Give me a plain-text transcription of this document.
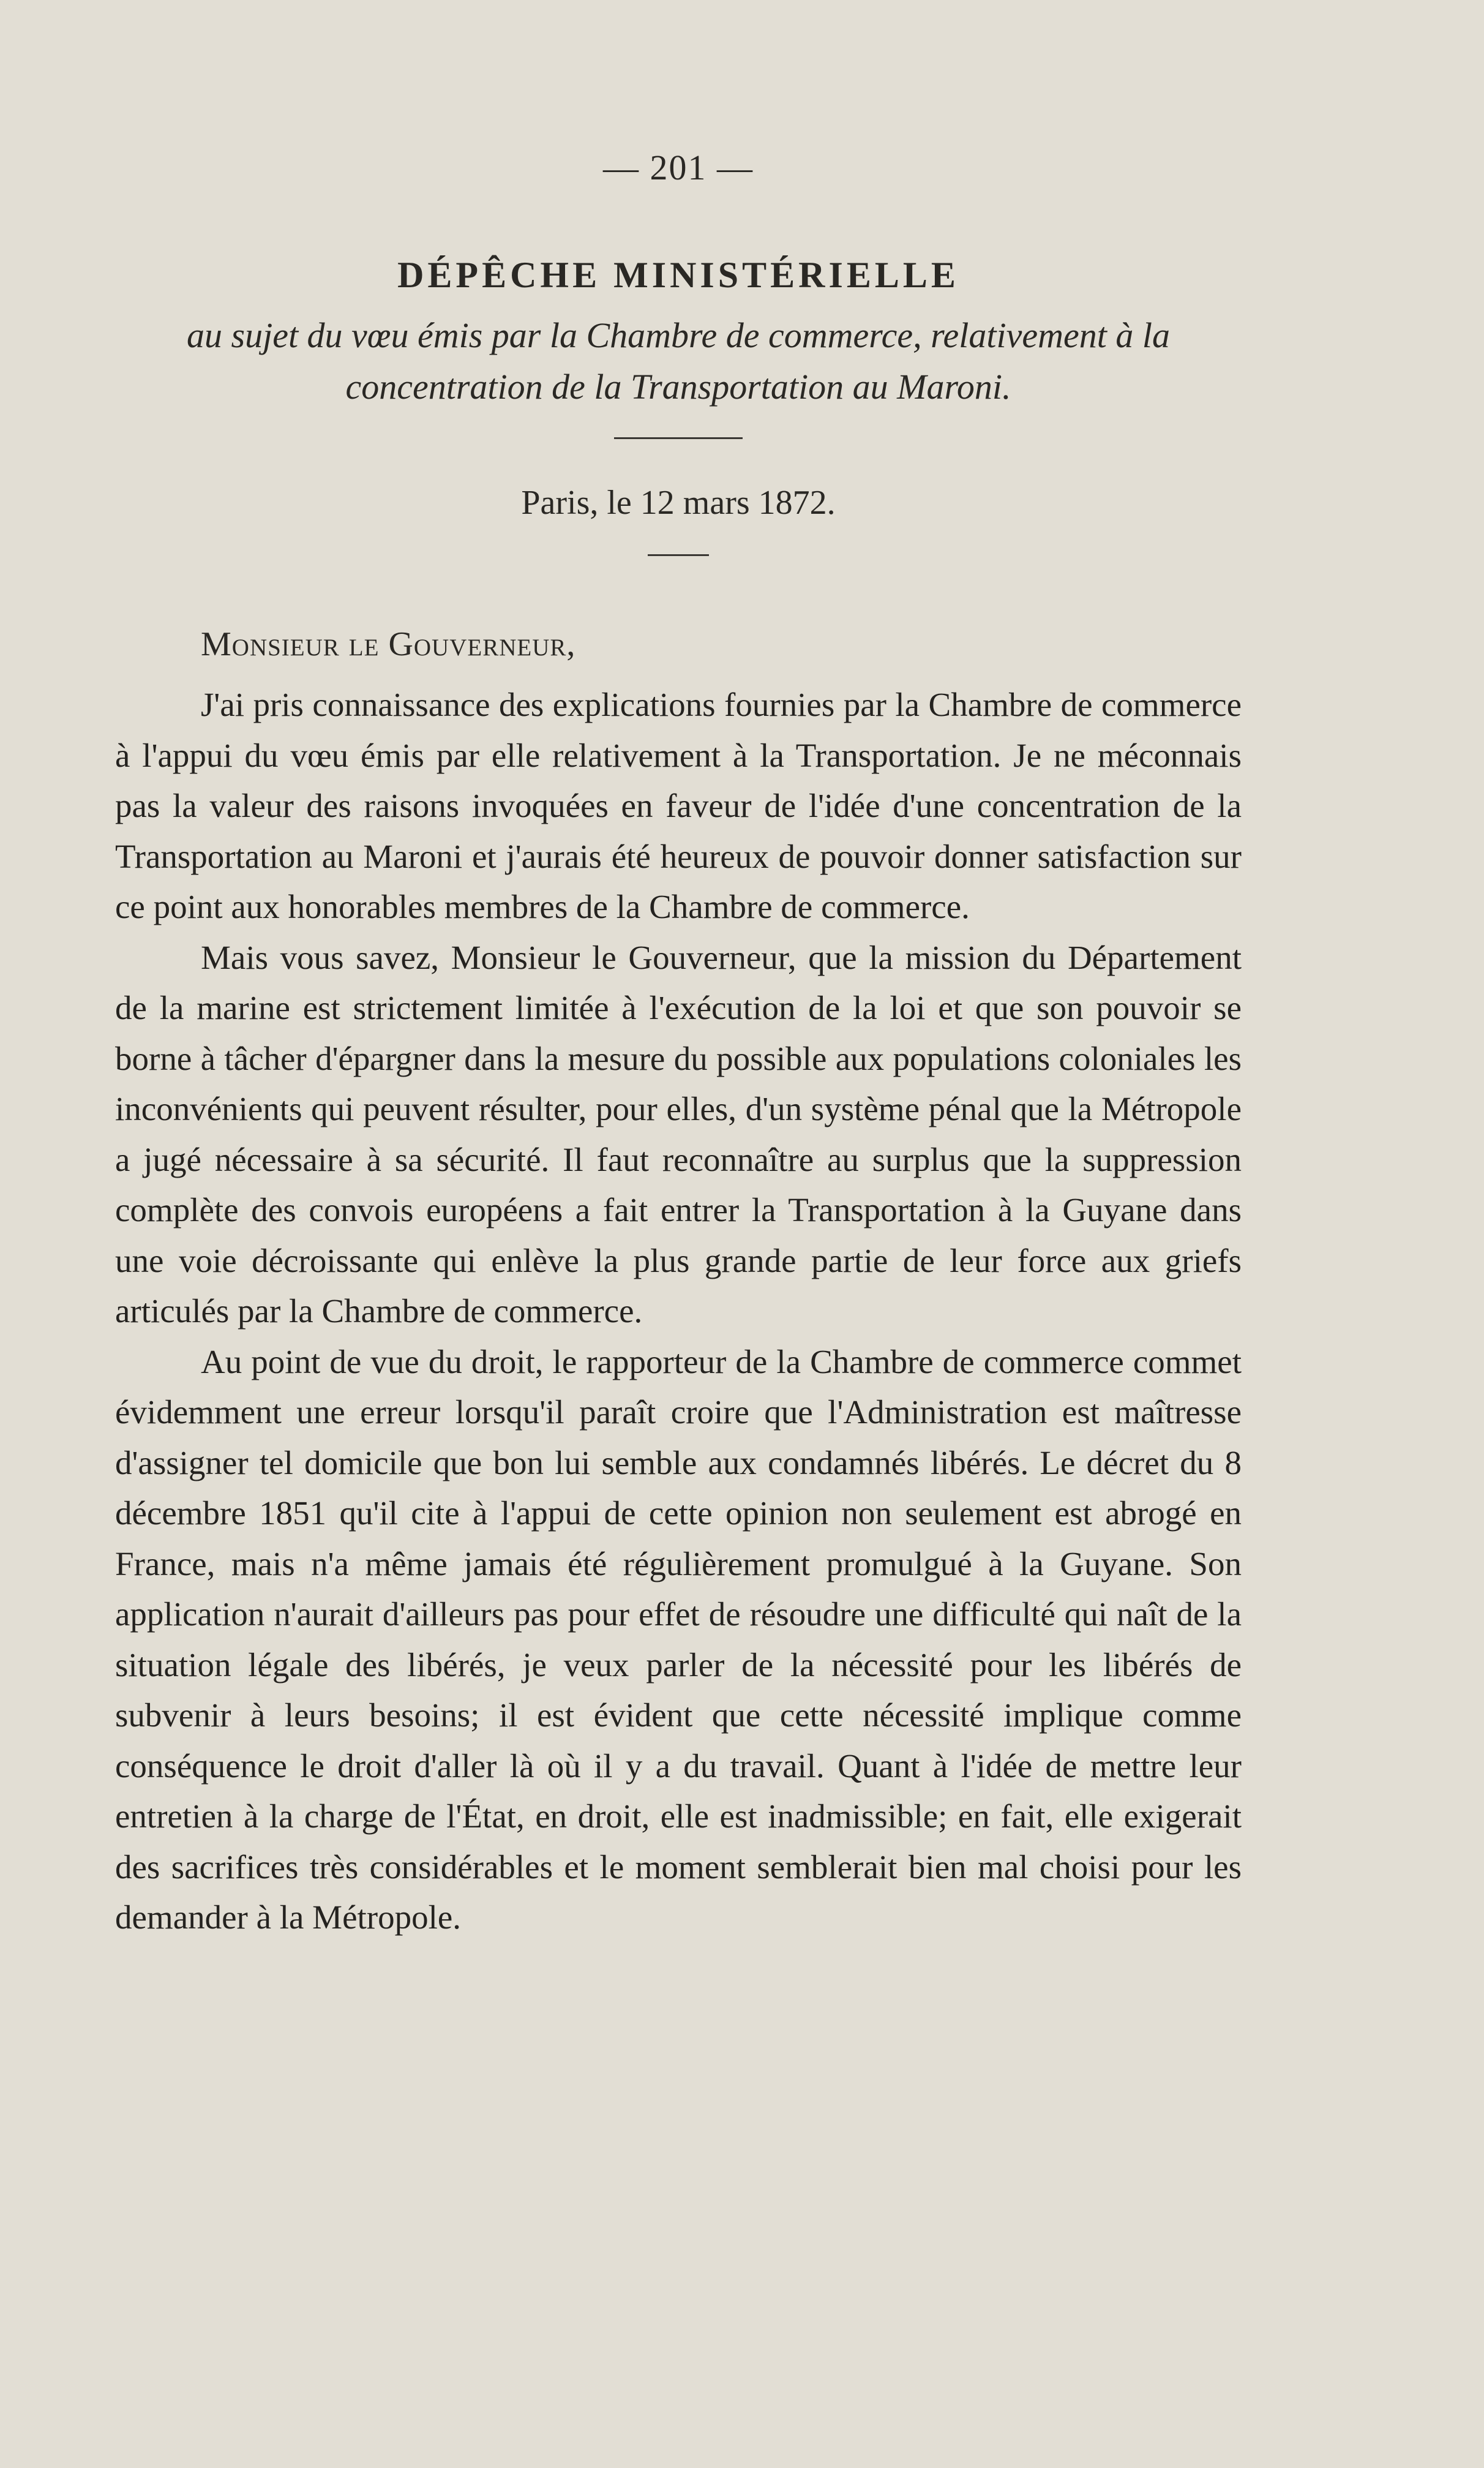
— 201 —

DÉPÊCHE MINISTÉRIELLE

au sujet du vœu émis par la Chambre de commerce, relativement à la concentration de la Transportation au Maroni.

Paris, le 12 mars 1872.

Monsieur le Gouverneur,

J'ai pris connaissance des explications fournies par la Chambre de commerce à l'appui du vœu émis par elle relativement à la Transportation. Je ne méconnais pas la valeur des raisons invoquées en faveur de l'idée d'une concentration de la Transportation au Maroni et j'aurais été heureux de pouvoir donner satisfaction sur ce point aux honorables membres de la Chambre de commerce.

Mais vous savez, Monsieur le Gouverneur, que la mission du Département de la marine est strictement limitée à l'exécution de la loi et que son pouvoir se borne à tâcher d'épargner dans la mesure du possible aux populations coloniales les inconvénients qui peuvent résulter, pour elles, d'un système pénal que la Métropole a jugé nécessaire à sa sécurité. Il faut reconnaître au surplus que la suppression complète des convois européens a fait entrer la Transportation à la Guyane dans une voie décroissante qui enlève la plus grande partie de leur force aux griefs articulés par la Chambre de commerce.

Au point de vue du droit, le rapporteur de la Chambre de commerce commet évidemment une erreur lorsqu'il paraît croire que l'Administration est maîtresse d'assigner tel domicile que bon lui semble aux condamnés libérés. Le décret du 8 décembre 1851 qu'il cite à l'appui de cette opinion non seulement est abrogé en France, mais n'a même jamais été régulièrement promulgué à la Guyane. Son application n'aurait d'ailleurs pas pour effet de résoudre une difficulté qui naît de la situation légale des libérés, je veux parler de la nécessité pour les libérés de subvenir à leurs besoins; il est évident que cette nécessité implique comme conséquence le droit d'aller là où il y a du travail. Quant à l'idée de mettre leur entretien à la charge de l'État, en droit, elle est inadmissible; en fait, elle exigerait des sacrifices très considérables et le moment semblerait bien mal choisi pour les demander à la Métropole.
